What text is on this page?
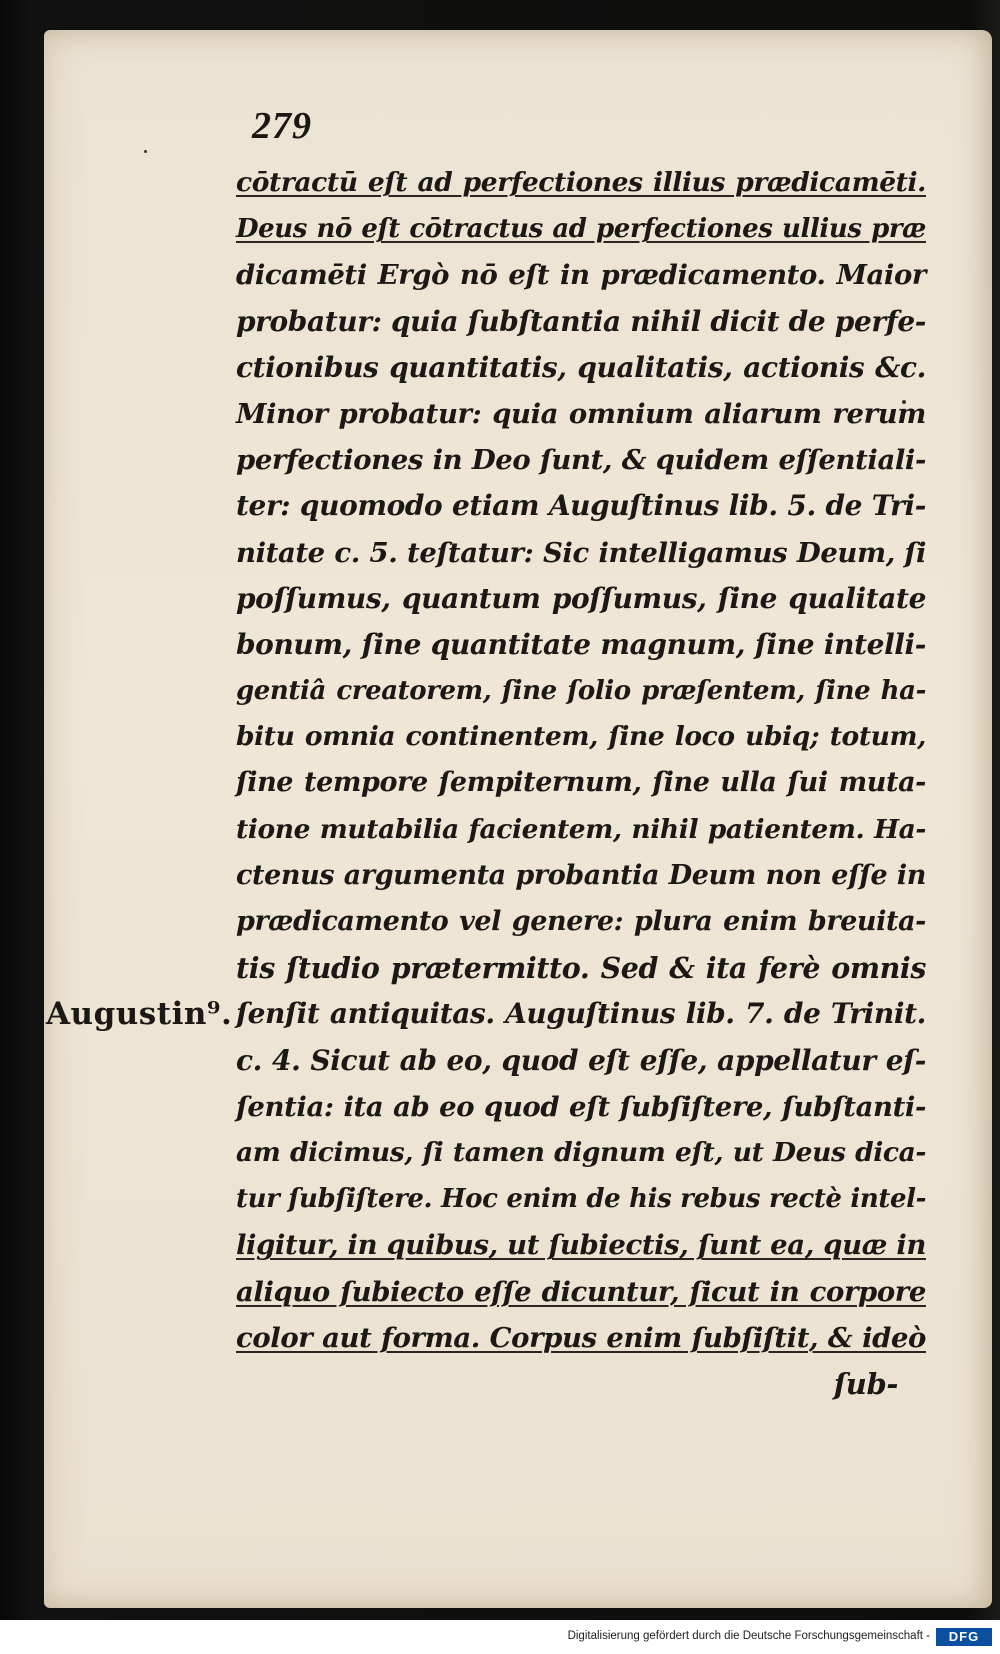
279
Augustin⁹.
cōtractū eſt ad perfectiones illius prædicamēti.
Deus nō eſt cōtractus ad perfectiones ullius præ
dicamēti Ergò nō eſt in prædicamento. Maior
probatur: quia ſubſtantia nihil dicit de perfe-
ctionibus quantitatis, qualitatis, actionis &c.
Minor probatur: quia omnium aliarum rerum
perfectiones in Deo ſunt, & quidem eſſentiali-
ter: quomodo etiam Auguſtinus lib. 5. de Tri-
nitate c. 5. teſtatur: Sic intelligamus Deum, ſi
poſſumus, quantum poſſumus, ſine qualitate
bonum, ſine quantitate magnum, ſine intelli-
gentiâ creatorem, ſine ſolio præſentem, ſine ha-
bitu omnia continentem, ſine loco ubiq; totum,
ſine tempore ſempiternum, ſine ulla ſui muta-
tione mutabilia facientem, nihil patientem. Ha-
ctenus argumenta probantia Deum non eſſe in
prædicamento vel genere: plura enim breuita-
tis ſtudio prætermitto. Sed & ita ferè omnis
ſenſit antiquitas. Auguſtinus lib. 7. de Trinit.
c. 4. Sicut ab eo, quod eſt eſſe, appellatur eſ-
ſentia: ita ab eo quod eſt ſubſiſtere, ſubſtanti-
am dicimus, ſi tamen dignum eſt, ut Deus dica-
tur ſubſiſtere. Hoc enim de his rebus rectè intel-
ligitur, in quibus, ut ſubiectis, ſunt ea, quæ in
aliquo ſubiecto eſſe dicuntur, ſicut in corpore
color aut forma. Corpus enim ſubſiſtit, & ideò
ſub-
Digitalisierung gefördert durch die Deutsche Forschungsgemeinschaft -	DFG
